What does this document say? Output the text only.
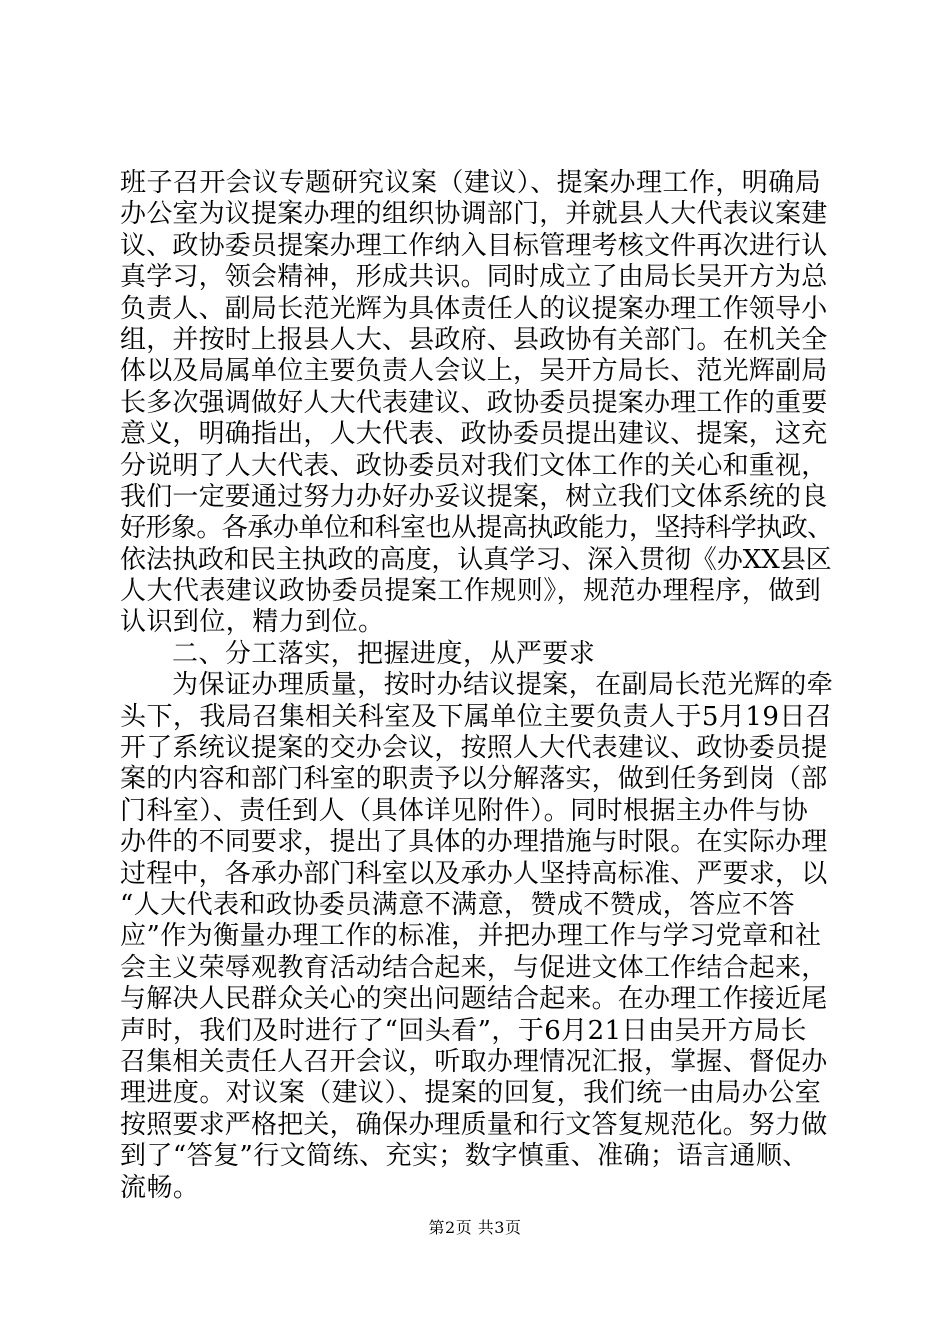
班子召开会议专题研究议案（建议）、提案办理工作，明确局
办公室为议提案办理的组织协调部门，并就县人大代表议案建
议、政协委员提案办理工作纳入目标管理考核文件再次进行认
真学习，领会精神，形成共识。同时成立了由局长吴开方为总
负责人、副局长范光辉为具体责任人的议提案办理工作领导小
组，并按时上报县人大、县政府、县政协有关部门。在机关全
体以及局属单位主要负责人会议上，吴开方局长、范光辉副局
长多次强调做好人大代表建议、政协委员提案办理工作的重要
意义，明确指出，人大代表、政协委员提出建议、提案，这充
分说明了人大代表、政协委员对我们文体工作的关心和重视，
我们一定要通过努力办好办妥议提案，树立我们文体系统的良
好形象。各承办单位和科室也从提高执政能力，坚持科学执政、
依法执政和民主执政的高度，认真学习、深入贯彻《办XX县区
人大代表建议政协委员提案工作规则》，规范办理程序，做到
认识到位，精力到位。
二、分工落实，把握进度，从严要求
为保证办理质量，按时办结议提案，在副局长范光辉的牵
头下，我局召集相关科室及下属单位主要负责人于5月19日召
开了系统议提案的交办会议，按照人大代表建议、政协委员提
案的内容和部门科室的职责予以分解落实，做到任务到岗（部
门科室）、责任到人（具体详见附件）。同时根据主办件与协
办件的不同要求，提出了具体的办理措施与时限。在实际办理
过程中，各承办部门科室以及承办人坚持高标准、严要求，以
“人大代表和政协委员满意不满意，赞成不赞成，答应不答
应”作为衡量办理工作的标准，并把办理工作与学习党章和社
会主义荣辱观教育活动结合起来，与促进文体工作结合起来，
与解决人民群众关心的突出问题结合起来。在办理工作接近尾
声时，我们及时进行了“回头看”，于6月21日由吴开方局长
召集相关责任人召开会议，听取办理情况汇报，掌握、督促办
理进度。对议案（建议）、提案的回复，我们统一由局办公室
按照要求严格把关，确保办理质量和行文答复规范化。努力做
到了“答复”行文简练、充实；数字慎重、准确；语言通顺、
流畅。
第2页 共3页
